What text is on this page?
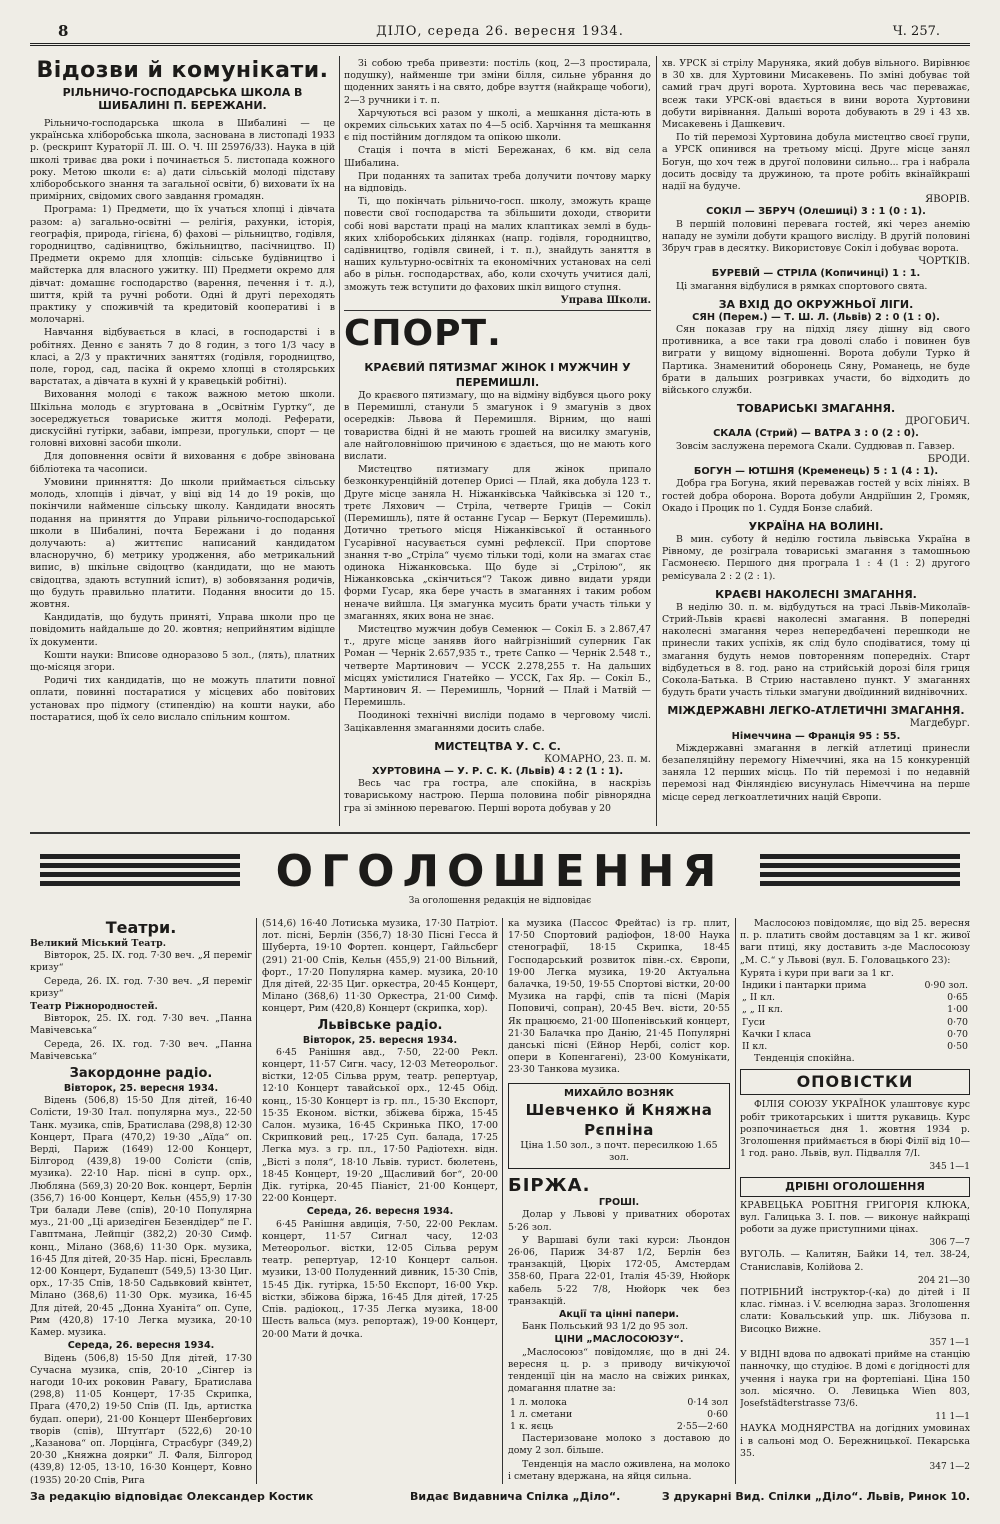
8	ДІЛО, середа 26. вересня 1934.	Ч. 257.
Відозви й комунікати.
РІЛЬНИЧО-ГОСПОДАРСЬКА ШКОЛА В ШИБАЛИНІ П. БЕРЕЖАНИ.

Рільничо-господарська школа в Шибалині — це українська хліборобська школа, заснована в листопаді 1933 р. (рескрипт Кураторії Л. Ш. О. Ч. ІІІ 25976/33). Наука в цій школі триває два роки і починається 5. листопада кожного року. Метою школи є: а) дати сільській молоді підставу хліборобського знання та загальної освіти, б) виховати їх на примірних, свідомих свого завдання громадян.

Програма: 1) Предмети, що їх учаться хлопці і дівчата разом: а) загально-освітні — релігія, рахунки, історія, географія, природа, гігієна, б) фахові — рільництво, годівля, городництво, садівництво, бжільництво, пасічництво. ІІ) Предмети окремо для хлопців: сільське будівництво і майстерка для власного ужитку. ІІІ) Предмети окремо для дівчат: домашнє господарство (варення, печення і т. д.), шиття, крій та ручні роботи. Одні й другі переходять практику у споживчій та кредитовій кооперативі і в молочарні.

Навчання відбувається в класі, в господарстві і в робітнях. Денно є занять 7 до 8 годин, з того 1/3 часу в класі, а 2/3 у практичних заняттях (годівля, городництво, поле, город, сад, пасіка й окремо хлопці в столярських варстатах, а дівчата в кухні й у кравецькій робітні).

Виховання молоді є також важною метою школи. Шкільна молодь є згуртована в „Освітнім Гуртку“, де зосереджується товариське життя молоді. Реферати, дискусійні гутірки, забави, імпрези, прогульки, спорт — це головні виховні засоби школи.

Для доповнення освіти й виховання є добре звінована бібліотека та часописи.

Умовини принняття: До школи приймається сільську молодь, хлопців і дівчат, у віці від 14 до 19 років, що покінчили найменше сільську школу. Кандидати вносять подання на приняття до Управи рільничо-господарської школи в Шибалині, почта Бережани і до подання долучають: а) життєпис написаний кандидатом власноручно, б) метрику уродження, або метрикальний випис, в) шкільне свідоцтво (кандидати, що не мають свідоцтва, здають вступний іспит), в) зобовязання родичів, що будуть правильно платити. Подання вносити до 15. жовтня.

Кандидатів, що будуть приняті, Управа школи про це повідомить найдальше до 20. жовтня; неприйнятим відіщле їх документи.

Кошти науки: Вписове одноразово 5 зол., (лять), платних що-місяця згори.

Родичі тих кандидатів, що не можуть платити повної оплати, повинні постаратися у місцевих або повітових установах про підмогу (стипендію) на кошти науки, або постаратися, щоб їх село вислало спільним коштом.

Зі собою треба привезти: постіль (коц, 2—3 простирала, подушку), найменше три зміни білля, сильне убрання до щоденних занять і на свято, добре взуття (найкраще чобоги), 2—3 ручники і т. п.

Харчуються всі разом у школі, а мешкання діста-ють в окремих сільських хатах по 4—5 осіб. Харчіння та мешкання є під постійним доглядом та опікою школи.

Стація і почта в місті Бережанах, 6 км. від села Шибалина.

При поданнях та запитах треба долучити почтову марку на відповідь.

Ті, що покінчать рільничо-госп. школу, зможуть краще повести свої господарства та збільшити доходи, створити собі нові варстати праці на малих клаптиках землі в будь-яких хліборобських ділянках (напр. годівля, городництво, садівництво, годівля свиней, і т. п.), знайдуть заняття в наших культурно-освітніх та економічних установах на селі або в рільн. господарствах, або, коли схочуть учитися далі, зможуть теж вступити до фахових шкіл вищого ступня.

Управа Школи.
СПОРТ.
КРАЄВИЙ ПЯТИЗМАГ ЖІНОК І МУЖЧИН У ПЕРЕМИШЛІ.

До краєвого пятизмагу, що на відміну відбувся цього року в Перемишлі, станули 5 змагунок і 9 змагунів з двох осередків: Львова й Перемишля. Вірним, що наші товариства бідні й не мають грошей на висилку змагунів, але найголовнішою причиною є здається, що не мають кого вислати.

Мистецтво пятизмагу для жінок припало безконкуренційній дотепер Орисі — Плай, яка добула 123 т. Друге місце заняла Н. Ніжанківська Чайківська зі 120 т., третє Ляхович — Стріла, четверте Гриців — Сокіл (Перемишль), пяте й останнє Гусар — Беркут (Перемишль). Дотично третього місця Ніжанківської й останнього Гусарівної насувається сумні рефлексії. При спортове знання т-во „Стріла“ чуємо тільки тоді, коли на змагах стає одинока Ніжанковська. Що буде зі „Стрілою“, як Ніжанковська „скінчиться“? Також дивно видати уряди форми Гусар, яка бере участь в змаганнях і таким робом неначе вийшла. Ця змагунка мусить брати участь тільки у змаганнях, яких вона не знає.

Мистецтво мужчин добув Семенюк — Сокіл Б. з 2.867,47 т., друге місце занявв його найгрізніший суперник Гак Роман — Чернік 2.657,935 т., третє Сапко — Чернік 2.548 т., четверте Мартинович — УССК 2.278,255 т. На дальших місцях умістилися Гнатейко — УССК, Гах Яр. — Сокіл Б., Мартинович Я. — Перемишль, Чорний — Плай і Матвій — Перемишль.

Поодинокі технічні висліди подамо в черговому числі. Зацікавлення змаганнями досить слабе.

МИСТЕЦТВА У. С. С.
КОМАРНО, 23. п. м.
ХУРТОВИНА — У. Р. С. К. (Львів) 4 : 2 (1 : 1).

Весь час гра гостра, але спокійна, в наскрізь товариському настрою. Перша половина побіг рівнорядна гра зі змінною перевагою. Перші ворота добував у 20

хв. УРСК зі стрілу Маруняка, який добув вільного. Вирівнює в 30 хв. для Хуртовини Мисакевень. По зміні добуває той самий грач другі ворота. Хуртовина весь час переважає, всеж таки УРСК-ові вдається в вини ворота Хуртовини добути вирівнання. Дальші ворота добувають в 29 і 43 хв. Мисакевень і Дашкевич.

По тій перемозі Хуртовина добула мистецтво своєї групи, а УРСК опинився на третьому місці. Друге місце занял Богун, що хоч теж в другої половини сильно... гра і набрала досить досвіду та дружиною, та проте робіть вкінаїйкраші надії на будуче.

ЯВОРІВ.
СОКІЛ — ЗБРУЧ (Олешиці) 3 : 1 (0 : 1).

В першій половині перевага гостей, які через анемію нападу не зуміли добути кращого висліду. В другій половині Збруч грав в десятку. Використовує Сокіл і добуває ворота.

ЧОРТКІВ.
БУРЕВІЙ — СТРІЛА (Копичинці) 1 : 1.

Ці змагання відбулися в рямках спортового свята.

ЗА ВХІД ДО ОКРУЖНЬОЇ ЛІГИ.
СЯН (Перем.) — Т. Ш. Л. (Львів) 2 : 0 (1 : 0).

Сян показав гру на підхід ляєу дішну від свого противника, а все таки гра доволі слабо і повинен був виграти у вищому відношенні. Ворота добули Турко й Партика. Знаменитий оборонець Сяну, Романець, не буде брати в дальших розгривках участи, бо відходить до війського служби.

ТОВАРИСЬКІ ЗМАГАННЯ.
ДРОГОБИЧ.
СКАЛА (Стрий) — ВАТРА 3 : 0 (2 : 0).

Зовсім заслужена перемога Скали. Суддював п. Гавзер.

БРОДИ.
БОГУН — ЮТШНЯ (Кременець) 5 : 1 (4 : 1).

Добра гра Богуна, який переважав гостей у всіх лініях. В гостей добра оборона. Ворота добули Андріїшин 2, Громяк, Окадо і Процик по 1. Суддя Бонзе слабий.

УКРАЇНА НА ВОЛИНІ.

В мин. суботу й неділю гостила львівська Україна в Рівному, де розіграла товариські змагання з тамошньою Гасмонеєю. Першого дня програла 1 : 4 (1 : 2) другого ремісувала 2 : 2 (2 : 1).

КРАЄВІ НАКОЛЕСНІ ЗМАГАННЯ.

В неділю 30. п. м. відбудуться на трасі Львів-Миколаїв-Стрий-Львів краєві наколесні змагання. В попередні наколесні змагання через непередбачені перешкоди не принесли таких успіхів, як слід було сподіватися, тому ці змагання будуть немов повторенням попередніх. Старт відбудеться в 8. год. рано на стрийській дорозі біля гриця Сокола-Батька. В Стрию наставлено пункт. У змаганнях будуть брати участь тільки змагуни двоїдинний виднівочних.

МІЖДЕРЖАВНІ ЛЕГКО-АТЛЕТИЧНІ ЗМАГАННЯ.
Магдебург.
Німеччина — Франція 95 : 55.

Міждержавні змагання в легкій атлетиці принесли безапеляційну перемогу Німеччині, яка на 15 конкуренцій заняла 12 перших місць. По тій перемозі і по недавній перемозі над Фінляндією висунулась Німеччина на перше місце серед легкоатлетичних націй Європи.

ОГОЛОШЕННЯ
За оголошення редакція не відповідає
Театри.
Великий Міський Театр.

Вівторок, 25. IX. год. 7·30 веч. „Я переміг кризу“

Середа, 26. IX. год. 7·30 веч. „Я переміг кризу“

Театр Ріжнородностей.

Вівторок, 25. IX. год. 7·30 веч. „Панна Мавічевська“

Середа, 26. IX. год. 7·30 веч. „Панна Мавічевська“

Закордонне радіо.
Вівторок, 25. вересня 1934.

Відень (506,8) 15·50 Для дітей, 16·40 Солісти, 19·30 Італ. популярна муз., 22·50 Танк. музика, спів, Братислава (298,8) 12·30 Концерт, Прага (470,2) 19·30 „Аїда“ оп. Верді, Париж (1649) 12·00 Концерт, Білгород (439,8) 19·00 Солісти (спів, музика). 22·10 Нар. пісні в супр. орх., Люблянa (569,3) 20·20 Вок. концерт, Берлін (356,7) 16·00 Концерт, Кельн (455,9) 17·30 Три балади Леве (спів), 20·10 Популярна муз., 21·00 „Ці аризедіген Безендідер“ пе Г. Гавптмана, Лейпціг (382,2) 20·30 Симф. конц., Мілано (368,6) 11·30 Орк. музика, 16·45 Для дітей, 20·35 Нар. пісні, Бреславль 12·00 Концерт, Будапешт (549,5) 13·30 Циг. орх., 17·35 Спів, 18·50 Садьвковий квінтет, Мілано (368,6) 11·30 Орк. музика, 16·45 Для дітей, 20·45 „Донна Хуаніта“ оп. Супе, Рим (420,8) 17·10 Легка музика, 20·10 Камер. музика.

Середа, 26. вересня 1934.

Відень (506,8) 15·50 Для дітей, 17·30 Сучасна музика, спів, 20·10 „Сінгер із нагоди 10-их роковин Равагу, Братислава (298,8) 11·05 Концерт, 17·35 Скрипка, Прага (470,2) 19·50 Спів (П. Ідь, артистка будап. опери), 21·00 Концерт Шенберґових творів (спів), Штутґарт (522,6) 20·10 „Казанова“ оп. Лорцінга, Страсбург (349,2) 20·30 „Княжна доярки“ Л. Фаля, Білгород (439,8) 12·05, 13·10, 16·30 Концерт, Ковно (1935) 20·20 Спів, Рига

(514,6) 16·40 Лотиська музика, 17·30 Патріот. лот. пісні, Берлін (356,7) 18·30 Пісні Гесса й Шуберта, 19·10 Фортеп. концерт, Гайльсберг (291) 21·00 Спів, Кельн (455,9) 21·00 Вільний, форт., 17·20 Популярна камер. музика, 20·10 Для дітей, 22·35 Циг. оркестра, 20·45 Концерт, Мілано (368,6) 11·30 Оркестра, 21·00 Симф. концерт, Рим (420,8) Концерт (скрипка, хор).

Львівське радіо.
Вівторок, 25. вересня 1934.

6·45 Ранішня авд., 7·50, 22·00 Рекл. концерт, 11·57 Сигн. часу, 12·03 Метеорольог. вістки, 12·05 Сільва ррум, театр. репертуар, 12·10 Концерт тавайської орх., 12·45 Обід. конц., 15·30 Концерт із гр. пл., 15·30 Експорт, 15·35 Економ. вістки, збіжева біржа, 15·45 Салон. музика, 16·45 Скринька ПКО, 17·00 Скрипковий рец., 17·25 Суп. балада, 17·25 Легка муз. з гр. пл., 17·50 Радіотехн. відн. „Вісті з поля“, 18·10 Львів. турист. бюлетень, 18·45 Концерт, 19·20 „Щасливий бог“, 20·00 Дік. гутірка, 20·45 Піаніст, 21·00 Концерт, 22·00 Концерт.

Середа, 26. вересня 1934.

6·45 Ранішня авдиція, 7·50, 22·00 Реклам. концерт, 11·57 Сигнал часу, 12·03 Метеорольог. вістки, 12·05 Сільва рерум театр. репертуар, 12·10 Концерт сальон. музики, 13·00 Полуденний дивник, 15·30 Спів, 15·45 Дік. гутірка, 15·50 Експорт, 16·00 Укр. вістки, збіжова біржа, 16·45 Для дітей, 17·25 Спів. радіокоц., 17·35 Легка музика, 18·00 Шесть вальса (муз. репортаж), 19·00 Концерт, 20·00 Мати й дочка.

ка музика (Пассос Фрейтас) із гр. плит, 17·50 Спортовий радіофон, 18·00 Наука стенографії, 18·15 Скрипка, 18·45 Господарський розвиток півн.-сх. Європи, 19·00 Легка музика, 19·20 Актуальна балачка, 19·50, 19·55 Спортові вістки, 20·00 Музика на гарфі, спів та пісні (Марія Поповичі, сопран), 20·45 Веч. вісти, 20·55 Як працюємо, 21·00 Шопенівський концерт, 21·30 Балачка про Данію, 21·45 Популярні данські пісні (Ейнор Нербі, соліст кор. опери в Копенгагені), 23·00 Комунікати, 23·30 Танкова музика.

МИХАЙЛО ВОЗНЯК
Шевченко й Княжна Рєпніна
Ціна 1.50 зол., з почт. пересилкою 1.65 зол.
БІРЖА.
ГРОШІ.

Долар у Львові у приватних оборотах 5·26 зол.

У Варшаві були такі курси: Льондон 26·06, Париж 34·87 1/2, Берлін без транзакцій, Цюріх 172·05, Амстердам 358·60, Прага 22·01, Італія 45·39, Нюйорк кабель 5·22 7/8, Нюйорк чек без транзакцій.

Акції та цінні папери.

Банк Польський 93 1/2 до 95 зол.

ЦІНИ „МАСЛОСОЮЗУ“.

„Маслосоюз“ повідомляє, що в дні 24. вересня ц. р. з приводу вичікуючої тенденції цін на масло на свіжих ринках, домагання платне за:

1 л. молока	0·14 зол
1 л. сметани	0·60
1 к. яєць	2·55—2·60

Пастеризоване молоко з доставою до дому 2 зол. більше.

Тенденція на масло оживлена, на молоко і сметану вдержана, на яйця сильна.

Маслосоюз повідомляє, що від 25. вересня п. р. платить свойм доставцям за 1 кг. живої ваги птиці, яку доставить з-де Маслосоюзу „М. С.“ у Львові (вул. Б. Головацького 23):

Курята і кури при ваги за 1 кг.
Індики і пантарки прима	0·90 зол.
„ II кл.	0·65
„ „ II кл.	1·00
Гуси	0·70
Качки I класа	0·70
II кл.	0·50

Тенденція спокійна.

ОПОВІСТКИ

ФІЛІЯ СОЮЗУ УКРАЇНОК улаштовує курс робіт трикотарських і шиття рукавиць. Курс розпочинається дня 1. жовтня 1934 р. Зголошення приймається в бюрі Філії від 10—1 год. рано. Львів, вул. Підвалля 7/І.

345 1—1
ДРІБНІ ОГОЛОШЕННЯ

КРАВЕЦЬКА РОБІТНЯ ГРИГОРІЯ КЛЮКА, вул. Галицька 3. І. пов. — виконує найкращі роботи за дуже приступними цінах.

306 7—7

ВУГОЛЬ. — Калитян, Байки 14, тел. 38-24, Станиславів, Колійова 2.

204 21—30

ПОТРІБНИЙ інструктор-(-ка) до дітей і II клас. гімназ. і V. вселюдна зараз. Зголошення слати: Ковальський упр. шк. Лібузова п. Висоцко Вижне.

357 1—1

У ВІДНІ вдова по адвокаті прийме на станцію панночку, що студіює. В домі є догідності для учення і наука гри на фортепіані. Ціна 150 зол. місячно. О. Левицька Wien 803, Josefstädterstrasse 73/6.

11 1—1

НАУКА МОДНЯРСТВА на догідних умовинах і в сальоні мод О. Бережницької. Пекарська 35.

347 1—2
За редакцію відповідає Олександер Костик	Видає Видавнича Спілка „Діло“.	З друкарні Вид. Спілки „Діло“. Львів, Ринок 10.
